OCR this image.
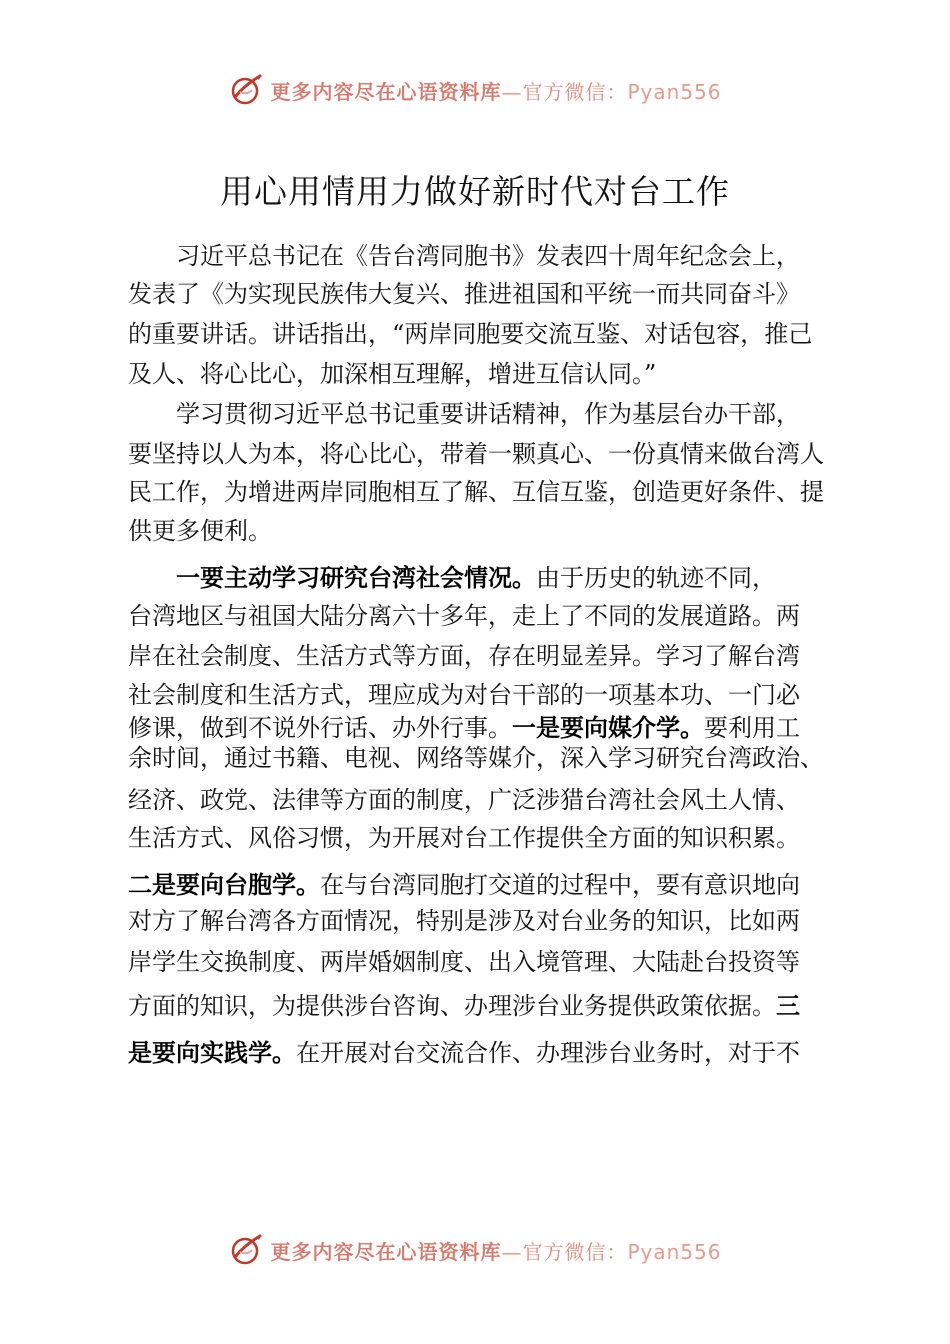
更多内容尽在心语资料库—官方微信：Pyan556
用心用情用力做好新时代对台工作
习近平总书记在《告台湾同胞书》发表四十周年纪念会上，
发表了《为实现民族伟大复兴、推进祖国和平统一而共同奋斗》
的重要讲话。讲话指出，“两岸同胞要交流互鉴、对话包容，推己
及人、将心比心，加深相互理解，增进互信认同。”
学习贯彻习近平总书记重要讲话精神，作为基层台办干部，
要坚持以人为本，将心比心，带着一颗真心、一份真情来做台湾人
民工作，为增进两岸同胞相互了解、互信互鉴，创造更好条件、提
供更多便利。
一要主动学习研究台湾社会情况。由于历史的轨迹不同，
台湾地区与祖国大陆分离六十多年，走上了不同的发展道路。两
岸在社会制度、生活方式等方面，存在明显差异。学习了解台湾
社会制度和生活方式，理应成为对台干部的一项基本功、一门必
修课，做到不说外行话、办外行事。一是要向媒介学。要利用工
余时间，通过书籍、电视、网络等媒介，深入学习研究台湾政治、
经济、政党、法律等方面的制度，广泛涉猎台湾社会风土人情、
生活方式、风俗习惯，为开展对台工作提供全方面的知识积累。
二是要向台胞学。在与台湾同胞打交道的过程中，要有意识地向
对方了解台湾各方面情况，特别是涉及对台业务的知识，比如两
岸学生交换制度、两岸婚姻制度、出入境管理、大陆赴台投资等
方面的知识，为提供涉台咨询、办理涉台业务提供政策依据。三
是要向实践学。在开展对台交流合作、办理涉台业务时，对于不
更多内容尽在心语资料库—官方微信：Pyan556
